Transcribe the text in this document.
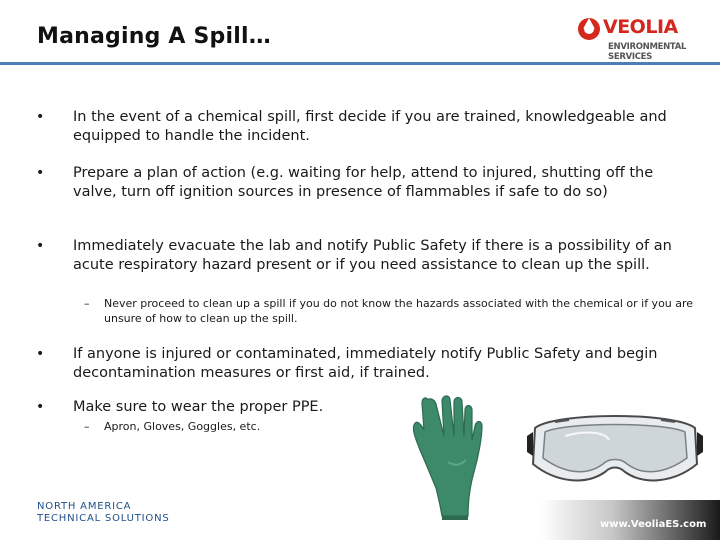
Managing A Spill…	VEOLIA
ENVIRONMENTAL
SERVICES
• In the event of a chemical spill, first decide if you are trained, knowledgeable and equipped to handle the incident.
• Prepare a plan of action (e.g. waiting for help, attend to injured, shutting off the valve, turn off ignition sources in presence of flammables if safe to do so)
• Immediately evacuate the lab and notify Public Safety if there is a possibility of an acute respiratory hazard present or if you need assistance to clean up the spill.
– Never proceed to clean up a spill if you do not know the hazards associated with the chemical or if you are unsure of how to clean up the spill.
• If anyone is injured or contaminated, immediately notify Public Safety and begin decontamination measures or first aid, if trained.
• Make sure to wear the proper PPE.
– Apron, Gloves, Goggles, etc.
NORTH AMERICA
TECHNICAL SOLUTIONS
www.VeoliaES.com
